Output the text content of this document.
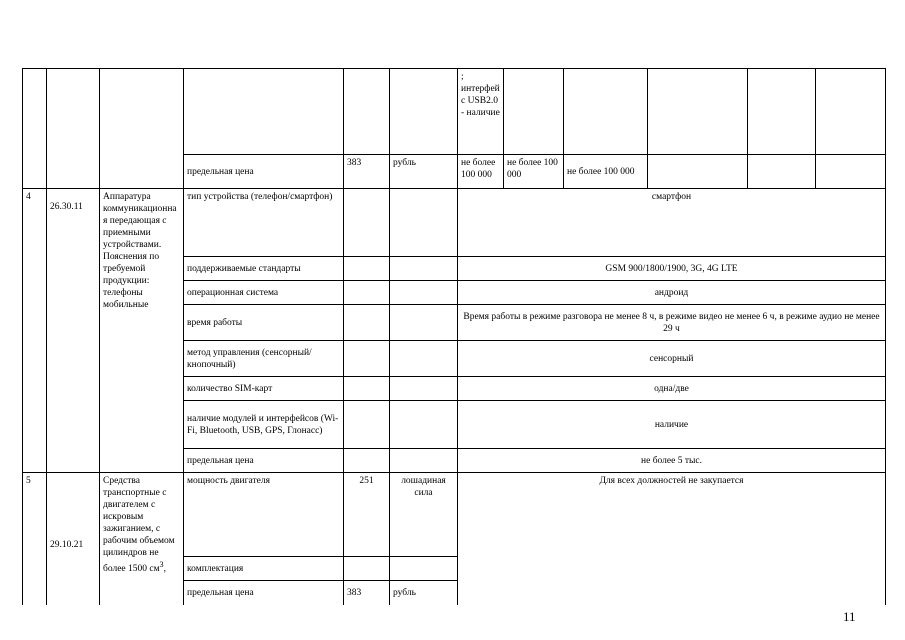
						; интерфейс USB2.0 - наличие					
			предельная цена	383	рубль	не более 100 000	не более 100 000	не более 100 000			
4	26.30.11	Аппаратура коммуникационная передающая с приемными устройствами. Пояснения по требуемой продукции: телефоны мобильные	тип устройства (телефон/смартфон)			смартфон					
			поддерживаемые стандарты			GSM 900/1800/1900, 3G, 4G LTE					
			операционная система			андроид					
			время работы			Время работы в режиме разговора не менее 8 ч, в режиме видео не менее 6 ч, в режиме аудио не менее 29 ч					
			метод управления (сенсорный/кнопочный)			сенсорный					
			количество SIM-карт			одна/две					
			наличие модулей и интерфейсов (Wi-Fi, Bluetooth, USB, GPS, Глонасс)			наличие					
			предельная цена			не более 5 тыс.					
5	29.10.21	Средства транспортные с двигателем с искровым зажиганием, с рабочим объемом цилиндров не более 1500 $см^3$,	мощность двигателя	251	лошадиная сила	Для всех должностей не закупается					
			комплектация								
			предельная цена	383	рубль						
11
